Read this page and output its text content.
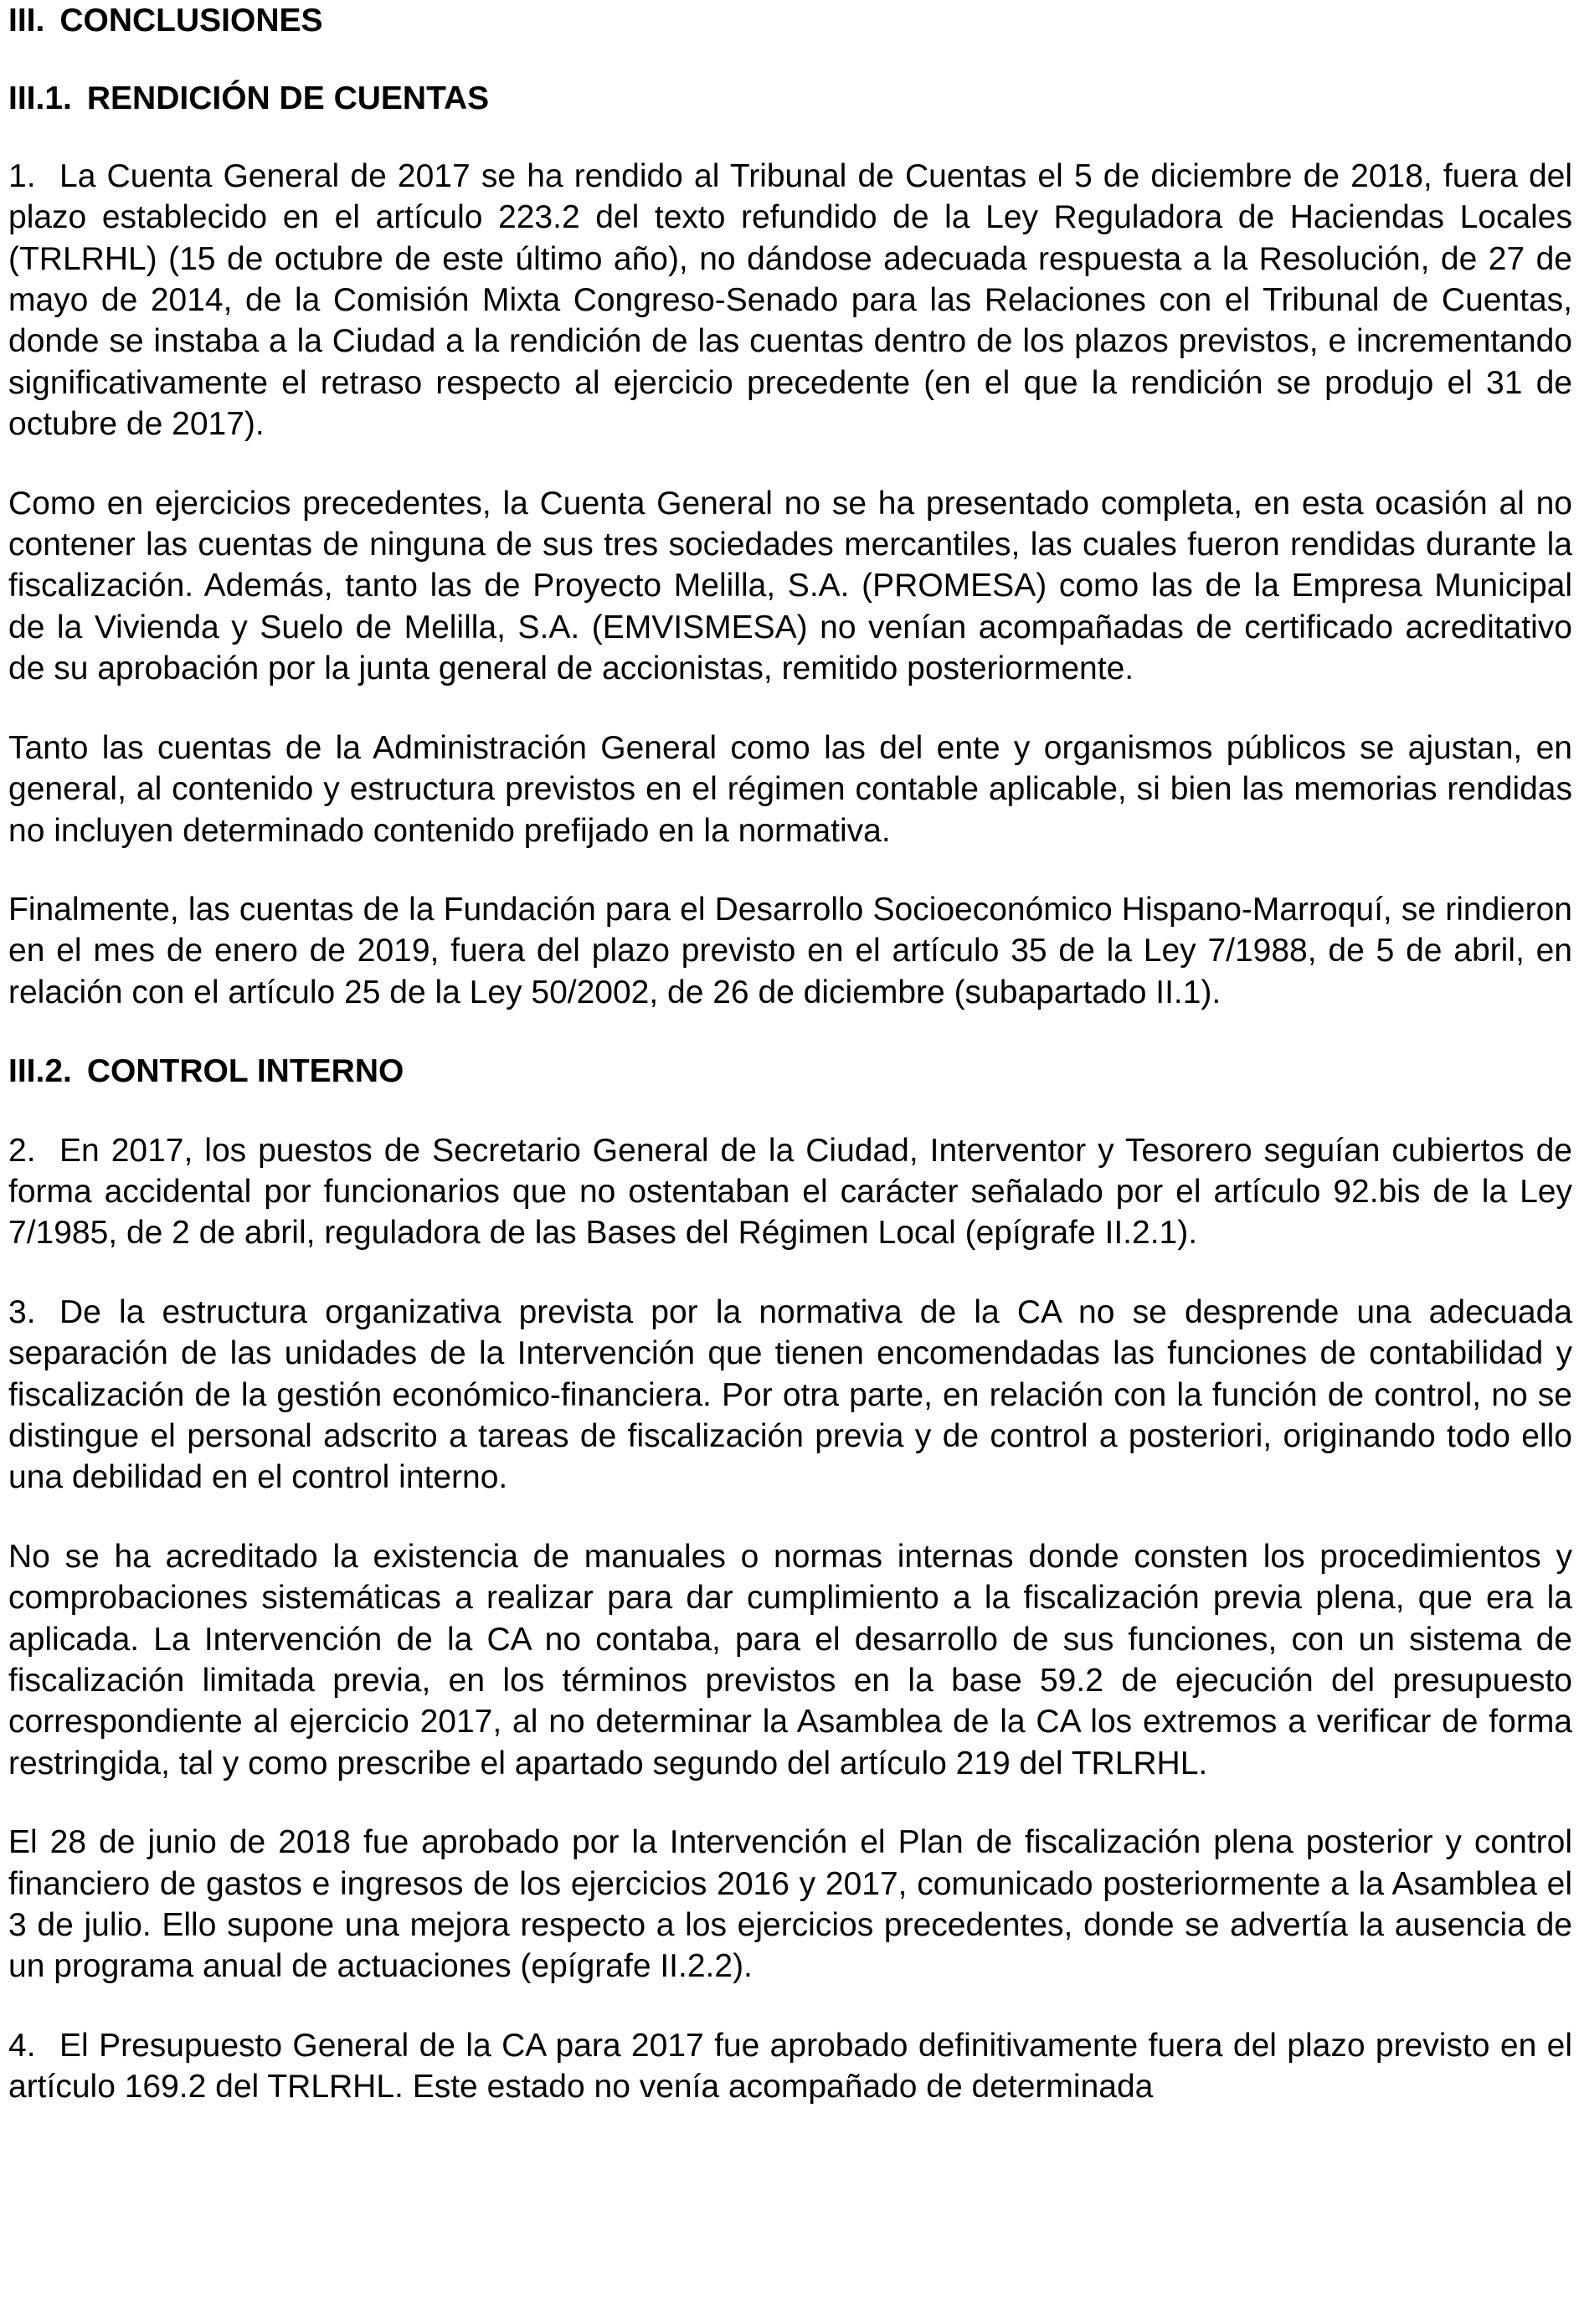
III. CONCLUSIONES
III.1. RENDICIÓN DE CUENTAS

1. La Cuenta General de 2017 se ha rendido al Tribunal de Cuentas el 5 de diciembre de 2018, fuera del plazo establecido en el artículo 223.2 del texto refundido de la Ley Reguladora de Haciendas Locales (TRLRHL) (15 de octubre de este último año), no dándose adecuada respuesta a la Resolución, de 27 de mayo de 2014, de la Comisión Mixta Congreso-Senado para las Relaciones con el Tribunal de Cuentas, donde se instaba a la Ciudad a la rendición de las cuentas dentro de los plazos previstos, e incrementando significativamente el retraso respecto al ejercicio precedente (en el que la rendición se produjo el 31 de octubre de 2017).

Como en ejercicios precedentes, la Cuenta General no se ha presentado completa, en esta ocasión al no contener las cuentas de ninguna de sus tres sociedades mercantiles, las cuales fueron rendidas durante la fiscalización. Además, tanto las de Proyecto Melilla, S.A. (PROMESA) como las de la Empresa Municipal de la Vivienda y Suelo de Melilla, S.A. (EMVISMESA) no venían acompañadas de certificado acreditativo de su aprobación por la junta general de accionistas, remitido posteriormente.

Tanto las cuentas de la Administración General como las del ente y organismos públicos se ajustan, en general, al contenido y estructura previstos en el régimen contable aplicable, si bien las memorias rendidas no incluyen determinado contenido prefijado en la normativa.

Finalmente, las cuentas de la Fundación para el Desarrollo Socioeconómico Hispano-Marroquí, se rindieron en el mes de enero de 2019, fuera del plazo previsto en el artículo 35 de la Ley 7/1988, de 5 de abril, en relación con el artículo 25 de la Ley 50/2002, de 26 de diciembre (subapartado II.1).

III.2. CONTROL INTERNO

2. En 2017, los puestos de Secretario General de la Ciudad, Interventor y Tesorero seguían cubiertos de forma accidental por funcionarios que no ostentaban el carácter señalado por el artículo 92.bis de la Ley 7/1985, de 2 de abril, reguladora de las Bases del Régimen Local (epígrafe II.2.1).

3. De la estructura organizativa prevista por la normativa de la CA no se desprende una adecuada separación de las unidades de la Intervención que tienen encomendadas las funciones de contabilidad y fiscalización de la gestión económico-financiera. Por otra parte, en relación con la función de control, no se distingue el personal adscrito a tareas de fiscalización previa y de control a posteriori, originando todo ello una debilidad en el control interno.

No se ha acreditado la existencia de manuales o normas internas donde consten los procedimientos y comprobaciones sistemáticas a realizar para dar cumplimiento a la fiscalización previa plena, que era la aplicada. La Intervención de la CA no contaba, para el desarrollo de sus funciones, con un sistema de fiscalización limitada previa, en los términos previstos en la base 59.2 de ejecución del presupuesto correspondiente al ejercicio 2017, al no determinar la Asamblea de la CA los extremos a verificar de forma restringida, tal y como prescribe el apartado segundo del artículo 219 del TRLRHL.

El 28 de junio de 2018 fue aprobado por la Intervención el Plan de fiscalización plena posterior y control financiero de gastos e ingresos de los ejercicios 2016 y 2017, comunicado posteriormente a la Asamblea el 3 de julio. Ello supone una mejora respecto a los ejercicios precedentes, donde se advertía la ausencia de un programa anual de actuaciones (epígrafe II.2.2).

4. El Presupuesto General de la CA para 2017 fue aprobado definitivamente fuera del plazo previsto en el artículo 169.2 del TRLRHL. Este estado no venía acompañado de determinada
